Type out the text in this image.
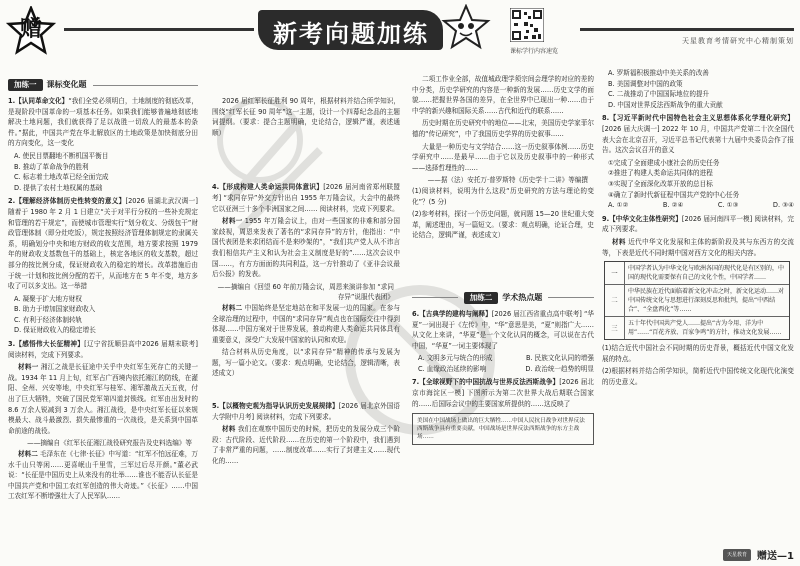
赠	新考向题加练
课标学行内容速览
天星教育考情研究中心精制策划
加练一	课标变化题
1.【认同革命文化】“我们全党必须明白，土地制度的彻底改革，是现阶段中国革命的一项基本任务。如果我们能够普遍地彻底地解决土地问题，我们就获得了足以战胜一切敌人的最基本的条件。”据此，中国共产党在华北解放区的土地政策是加快彻底分田的方向变化，这一变化
A. 使民目票翻地不断机国平衡目
B. 推动了革命战争的胜利
C. 标志着土地改革已经全面完成
D. 提供了农村土地权属的基础
2.【理解经济体制历史性转变的意义】[2026 届湖北武汉调一] 随着于 1980 年 2 月 1 日建立“关于对平行分权的一些补充规定和管理的若干规定”，而使城市管理实行“划分收支、分级包干”财政管理体制（即分灶吃饭），规定按照经济管理体制规定的隶属关系，明确划分中央和地方财政的收支范围，地方要求按照 1979 年的财政收支基数包干的基础上，核定各地区的收支基数，超过部分的按比例分成，保证财政收入的稳定的增长。改革措施后由于统一计划和按比例分配的若干，从而地方在 5 年不变，地方多收了可以多支出。这一举措
A. 凝聚于扩大地方财权
B. 助力于增加国家财政收入
C. 有利于经济体制转轨
D. 保证财政收入的稳定增长
3.【感悟伟大长征精神】[辽宁省抚顺县高中2026 届期末联考] 阅读材料，完成下列要求。
材料一 湘江之战是长征途中关乎中央红军生死存亡的关键一战。1934 年 11 月上旬，红军占广西境内依托湘江的防线，在灌阳、全州、兴安等地，中央红军与桂军、湘军激战五天五夜，付出了巨大牺牲，突破了国民党军第四道封锁线。红军由出发时的 8.6 万余人锐减到 3 万余人。湘江战役，是中央红军长征以来规模最大、战斗最激烈、损失最惨重的一次战役，是关系到中国革命前途的战役。
——摘编自《红军长征湘江战役研究报告及史料选编》等
材料二 毛泽东在《七律·长征》中写道：“红军不怕远征难，万水千山只等闲……更喜岷山千里雪，三军过后尽开颜。”董必武说：“长征是中国历史上从来没有的壮举……谁也不能否认长征是中国共产党和中国工农红军创造的伟大奇迹。”《长征》……中国工农红军不断增强壮大了人民军队……
2026 届红军长征胜利 90 周年，根据材料并结合所学知识，围绕“红军长征 90 周年”这一主题，设计一个四幕纪念品的主题词提纲。（要求：提合主题明确，史论结合，逻辑严谨，表述通顺）
4.【形成构建人类命运共同体意识】[2026 届河南省郑州联盟考] “求同存异”外交方针出自 1955 年万隆会议，大会中的最终它以亚洲三十多个非洲国家之间…… 阅读材料，完成下列要求。
材料一 1955 年万隆会议上，由对一些国家的非难和部分国家歧视，周恩来发表了著名的“求同存异”的方针，他指出：“中国代表团是来求团结而不是来吵架的”，“我们共产党人从不讳言我们相信共产主义和认为社会主义制度是好的”……这次会议中国……，有方方面面的共同利益，这一方针推动了《亚非会议最后公报》的发表。
——摘编自《回望 60 年前万隆会议，周恩来演讲参加 “求同存异”说服代表团》
材料二 中国始终是坚定地站在和平发展一边的国家。在参与全球治理的过程中，中国的“求同存异”观点也在国际交往中得到体现……中国方案对于世界发展，推动构建人类命运共同体具有重要意义，深受广大发展中国家的认同和欢迎。
结合材料从历史角度，以“求同存异”精神的传承与发展为题，写一篇小论文。（要求：观点明确，史论结合，逻辑清晰，表述成文）
5.【以概物史观为指导认识历史发展规律】[2026 届北京外国语大学附中月考] 阅读材料，完成下列要求。
材料 我们在观察中国历史的时候，把历史的发展分成三个阶段：古代阶段、近代阶段……在历史的第一个阶段中，我们遇到了非常严重的问题，……制度改革……实行了封建主义……现代化的……
二项工作业全部，故值城政理学须宗间会理学的对应的差的中分类，历史学研究的内容是一种新的发展……历史文学的面貌……把握世界各国的差异，在全世界中已现出一种……由于中学的新兴趣和国际关系……古代和近代的联系……
历史时期在历史研究中的地位——北宋，美国历史学家菲尔德的“传记研究”，中了我国历史学界的历史叙事……
大量是一种历史与文学结合……这一历史叙事体例……历史学研究中……是最早……由于它以及历史叙事中的一种形式——选择哲理性的……
——据（法）安托万·普罗斯特《历史学十二讲》等编撰
(1)阅读材料，说明为什么这段“历史研究的方法与理论的变化”？(5 分)
(2)参考材料，探讨一个历史问题，就问题 15—20 世纪重大变革，阐述理由，写一篇短文。（要求：观点明确，论证合理，史论结合，逻辑严谨，表述成文）
加练二	学术热点题
6.【古典学的建构与阐释】[2026 届江西省重点高中联考] “华夏”一词出现于《左传》中，“华”意思是美，“夏”则指广大……从文化上来讲，“华夏”是一个文化认同的概念，可以说在古代中国，“华夏”一词主要体现了
A. 文明多元与统合的形成	B. 民族文化认同的增强
C. 血缘政治延续的影响	D. 政治统一趋势的明显
7.【全球视野下的中国抗战与世界反法西斯战争】[2026 届北京市海淀区一模] 下图所示为第二次世界大战后期联合国家的……后国际会议中的主要国家所提供的……这反映了
美国在中国战场上做出的巨大牺牲……中国人民抗日战争对世界反法西斯战争具有重要贡献，中国战场是世界反法西斯战争的东方主战场……
A. 罗斯福积极推动中美关系的改善
B. 美国调整对中国的政策
C. 二战推动了中国国际地位的提升
D. 中国对世界反法西斯战争的重大贡献
8.【习近平新时代中国特色社会主义思想体系化学理化研究】[2026 届大庆调一] 2022 年 10 月，中国共产党第二十次全国代表大会在北京召开，习近平总书记代表第十九届中央委员会作了报告。这次会议召开的意义
①完成了全面建成小康社会的历史任务
②推进了构建人类命运共同体的进程
③实现了全面深化改革开放的总目标
④确立了新时代新征程中国共产党的中心任务
A. ①②	B. ②④	C. ①③	D. ③④
9.【中华文化主体性研究】[2026 届河南四平一模] 阅读材料，完成下列要求。
材料 近代中华文化发展和主体的新阶段及其与东西方的交流等，下表是近代不同时期中国对西方文化的相关内容。
一
中国学者认为中华文化与欧洲各国的现代化是有区别的，中国的现代化需要保有自己的文化个性，中国学者……
二
中华民族在近代面临着新文化冲击之时，新文化运动……对中国传统文化与思想进行深刻反思和批判，提出“中西结合”、“全盘西化”等……
三
五十年代中国共产党人……提出“古为今用、洋为中用”……“百花齐放、百家争鸣”的方针，推动文化发展……
(1)结合近代中国社会不同时期的历史背景，概括近代中国文化发展的特点。
(2)根据材料并结合所学知识，简析近代中国传统文化现代化演变的历史意义。
天星教育	赠送—1
